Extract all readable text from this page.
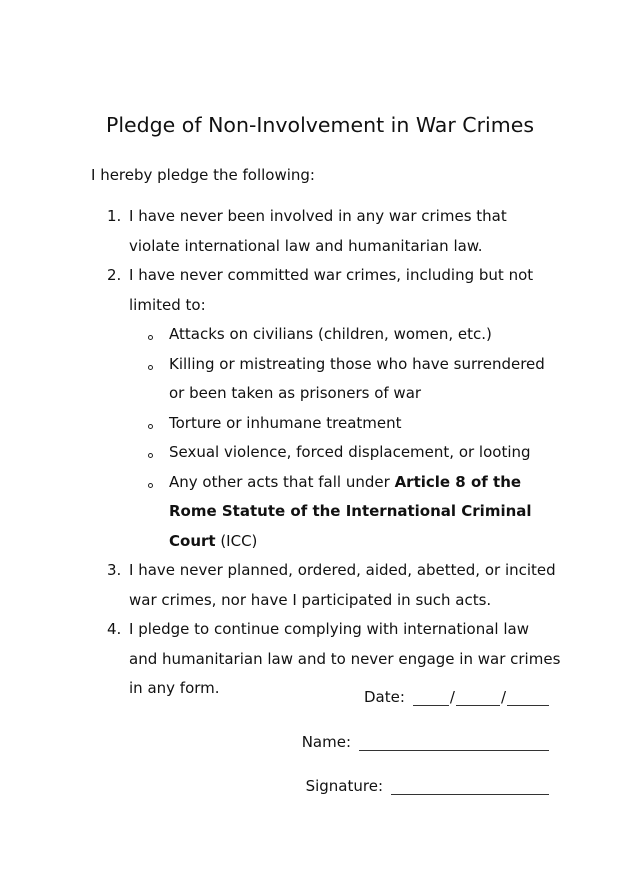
Pledge of Non-Involvement in War Crimes

I hereby pledge the following:

1. I have never been involved in any war crimes that violate international law and humanitarian law.
2. I have never committed war crimes, including but not limited to:
Attacks on civilians (children, women, etc.)
Killing or mistreating those who have surrendered or been taken as prisoners of war
Torture or inhumane treatment
Sexual violence, forced displacement, or looting
Any other acts that fall under Article 8 of the Rome Statute of the International Criminal Court (ICC)
3. I have never planned, ordered, aided, abetted, or incited war crimes, nor have I participated in such acts.
4. I pledge to continue complying with international law and humanitarian law and to never engage in war crimes in any form.	Date:	/	/
Name:
Signature:
